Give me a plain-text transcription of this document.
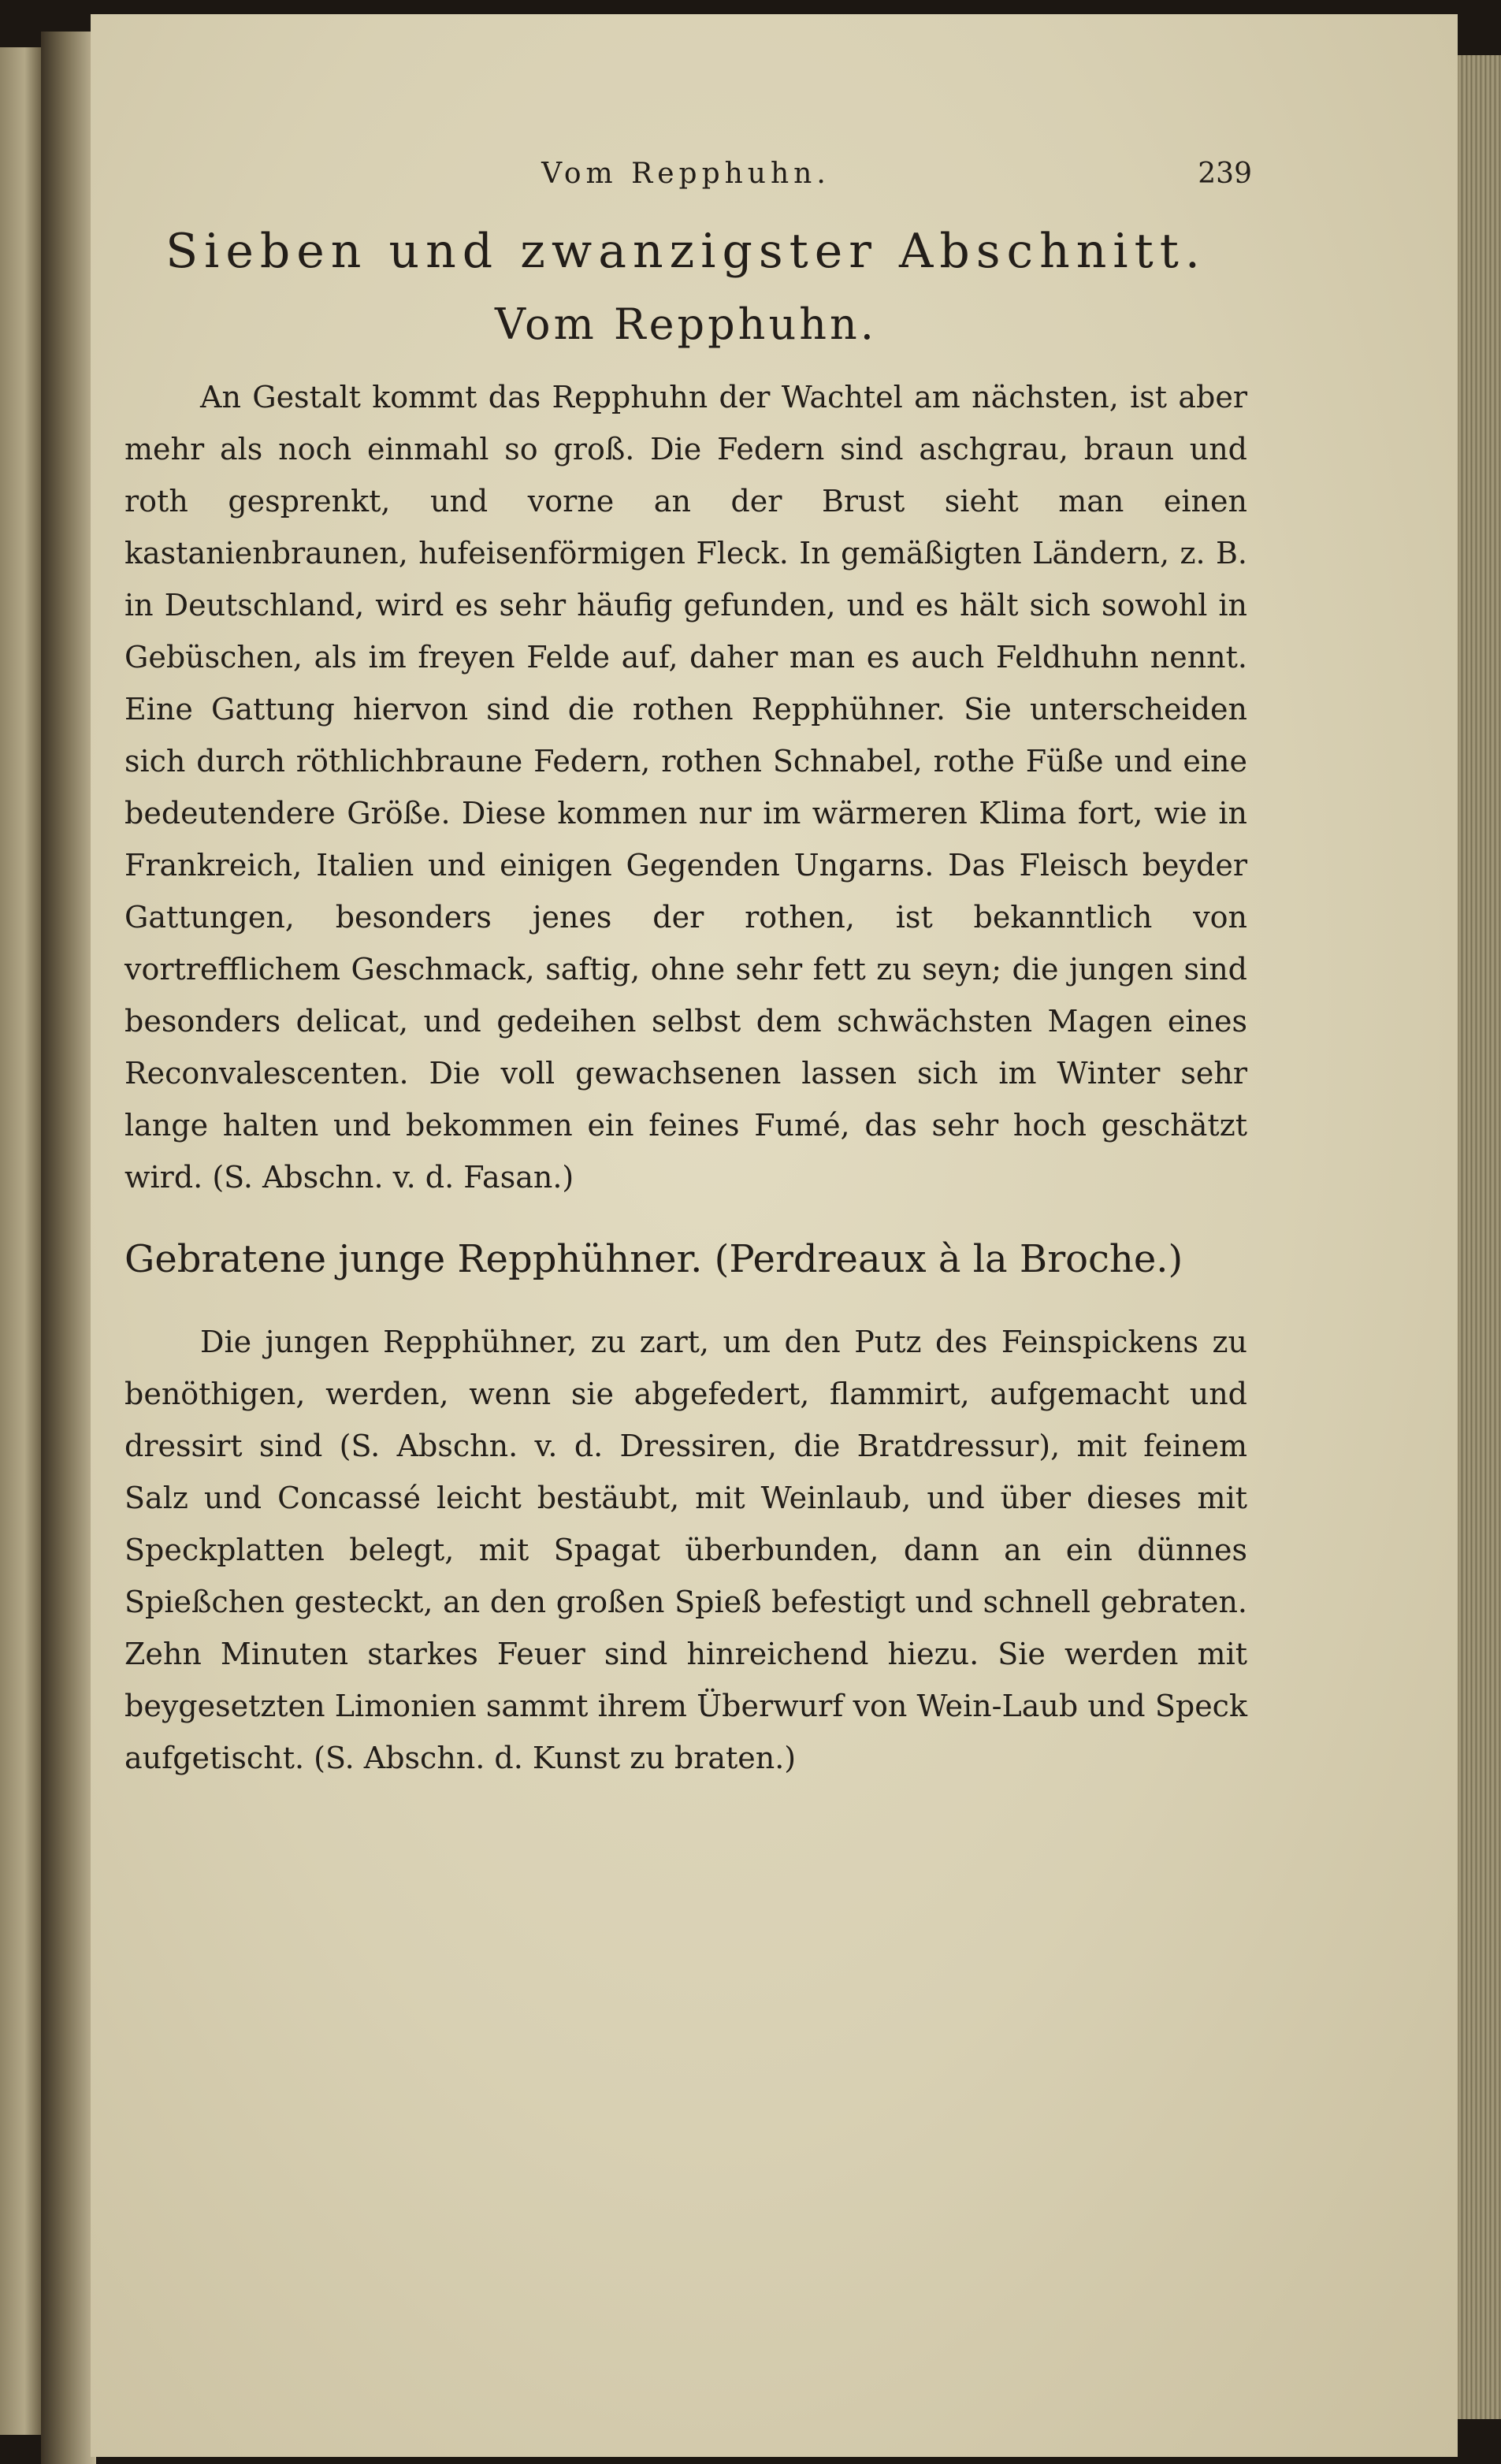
Vom Repphuhn.	239
Sieben und zwanzigster Abschnitt.
Vom Repphuhn.

An Gestalt kommt das Repphuhn der Wachtel am nächsten, ist aber mehr als noch einmahl so groß. Die Federn sind aschgrau, braun und roth gesprenkt, und vorne an der Brust sieht man einen kastanienbraunen, hufeisenförmigen Fleck. In gemäßigten Ländern, z. B. in Deutschland, wird es sehr häufig gefunden, und es hält sich sowohl in Gebüschen, als im freyen Felde auf, daher man es auch Feldhuhn nennt. Eine Gattung hiervon sind die rothen Repphühner. Sie unterscheiden sich durch röthlichbraune Federn, rothen Schnabel, rothe Füße und eine bedeutendere Größe. Diese kommen nur im wärmeren Klima fort, wie in Frankreich, Italien und einigen Gegenden Ungarns. Das Fleisch beyder Gattungen, besonders jenes der rothen, ist bekanntlich von vortrefflichem Geschmack, saftig, ohne sehr fett zu seyn; die jungen sind besonders delicat, und gedeihen selbst dem schwächsten Magen eines Reconvalescenten. Die voll gewachsenen lassen sich im Winter sehr lange halten und bekommen ein feines Fumé, das sehr hoch geschätzt wird. (S. Abschn. v. d. Fasan.)

Gebratene junge Repphühner. (Perdreaux à la Broche.)

Die jungen Repphühner, zu zart, um den Putz des Feinspickens zu benöthigen, werden, wenn sie abgefedert, flammirt, aufgemacht und dressirt sind (S. Abschn. v. d. Dressiren, die Bratdressur), mit feinem Salz und Concassé leicht bestäubt, mit Weinlaub, und über dieses mit Speckplatten belegt, mit Spagat überbunden, dann an ein dünnes Spießchen gesteckt, an den großen Spieß befestigt und schnell gebraten. Zehn Minuten starkes Feuer sind hinreichend hiezu. Sie werden mit beygesetzten Limonien sammt ihrem Überwurf von Wein-Laub und Speck aufgetischt. (S. Abschn. d. Kunst zu braten.)
